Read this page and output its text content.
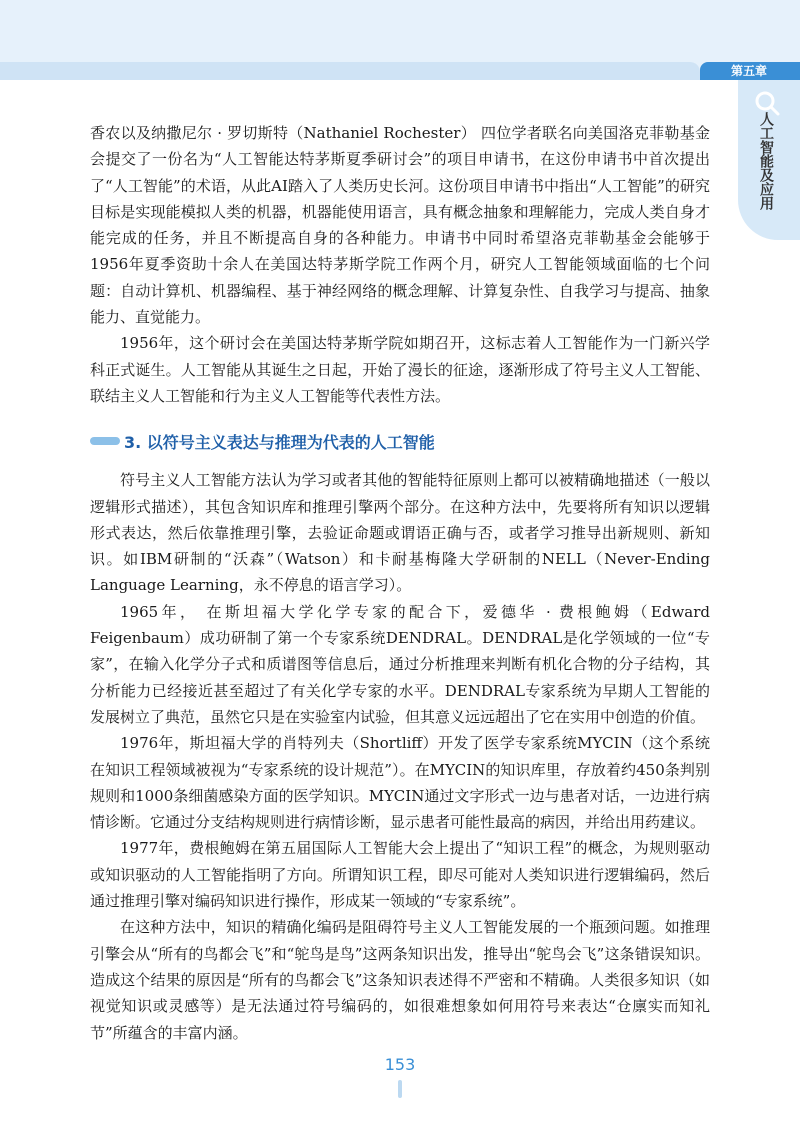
第五章
人工智能及应用

香农以及纳撒尼尔 · 罗切斯特（Nathaniel Rochester） 四位学者联名向美国洛克菲勒基金会提交了一份名为“人工智能达特茅斯夏季研讨会”的项目申请书，在这份申请书中首次提出了“人工智能”的术语，从此AI踏入了人类历史长河。这份项目申请书中指出“人工智能”的研究目标是实现能模拟人类的机器，机器能使用语言，具有概念抽象和理解能力，完成人类自身才能完成的任务，并且不断提高自身的各种能力。申请书中同时希望洛克菲勒基金会能够于1956年夏季资助十余人在美国达特茅斯学院工作两个月，研究人工智能领域面临的七个问题：自动计算机、机器编程、基于神经网络的概念理解、计算复杂性、自我学习与提高、抽象能力、直觉能力。

1956年，这个研讨会在美国达特茅斯学院如期召开，这标志着人工智能作为一门新兴学科正式诞生。人工智能从其诞生之日起，开始了漫长的征途，逐渐形成了符号主义人工智能、联结主义人工智能和行为主义人工智能等代表性方法。

3. 以符号主义表达与推理为代表的人工智能

符号主义人工智能方法认为学习或者其他的智能特征原则上都可以被精确地描述（一般以逻辑形式描述），其包含知识库和推理引擎两个部分。在这种方法中，先要将所有知识以逻辑形式表达，然后依靠推理引擎，去验证命题或谓语正确与否，或者学习推导出新规则、新知识。如IBM研制的“沃森”（Watson）和卡耐基梅隆大学研制的NELL（Never-Ending Language Learning，永不停息的语言学习）。

1965年， 在斯坦福大学化学专家的配合下，爱德华 · 费根鲍姆（Edward Feigenbaum）成功研制了第一个专家系统DENDRAL。DENDRAL是化学领域的一位“专家”，在输入化学分子式和质谱图等信息后，通过分析推理来判断有机化合物的分子结构，其分析能力已经接近甚至超过了有关化学专家的水平。DENDRAL专家系统为早期人工智能的发展树立了典范，虽然它只是在实验室内试验，但其意义远远超出了它在实用中创造的价值。

1976年，斯坦福大学的肖特列夫（Shortliff）开发了医学专家系统MYCIN（这个系统在知识工程领域被视为“专家系统的设计规范”）。在MYCIN的知识库里，存放着约450条判别规则和1000条细菌感染方面的医学知识。MYCIN通过文字形式一边与患者对话，一边进行病情诊断。它通过分支结构规则进行病情诊断，显示患者可能性最高的病因，并给出用药建议。

1977年，费根鲍姆在第五届国际人工智能大会上提出了“知识工程”的概念，为规则驱动或知识驱动的人工智能指明了方向。所谓知识工程，即尽可能对人类知识进行逻辑编码，然后通过推理引擎对编码知识进行操作，形成某一领域的“专家系统”。

在这种方法中，知识的精确化编码是阻碍符号主义人工智能发展的一个瓶颈问题。如推理引擎会从“所有的鸟都会飞”和“鸵鸟是鸟”这两条知识出发，推导出“鸵鸟会飞”这条错误知识。造成这个结果的原因是“所有的鸟都会飞”这条知识表述得不严密和不精确。人类很多知识（如视觉知识或灵感等）是无法通过符号编码的，如很难想象如何用符号来表达“仓廪实而知礼节”所蕴含的丰富内涵。

153
